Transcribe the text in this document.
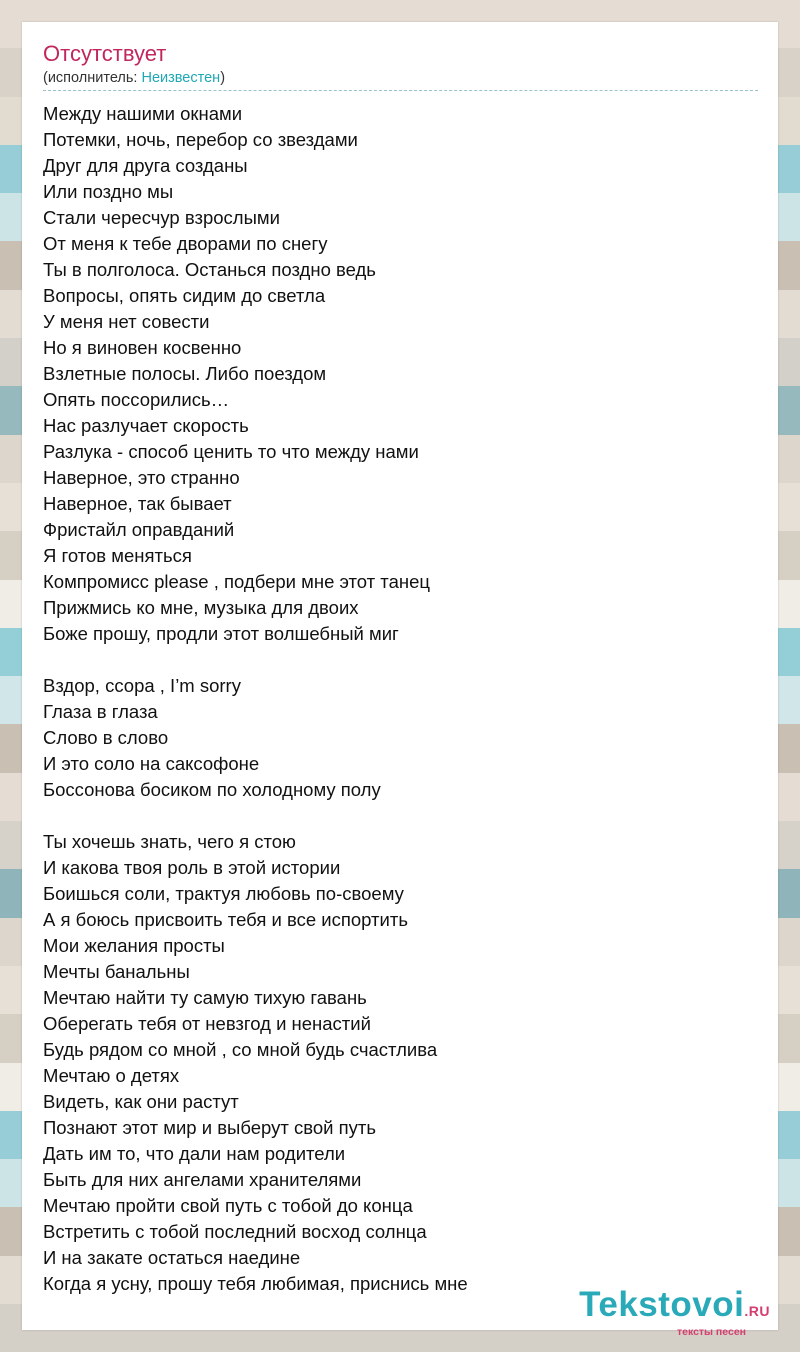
Отсутствует
(исполнитель: Неизвестен)
Между нашими окнами
Потемки, ночь, перебор со звездами
Друг для друга созданы
Или поздно мы
Стали чересчур взрослыми
От меня к тебе дворами по снегу
Ты в полголоса. Останься поздно ведь
Вопросы, опять сидим до светла
У меня нет совести
Но я виновен косвенно
Взлетные полосы. Либо поездом
Опять поссорились…
Нас разлучает скорость
Разлука - способ ценить то что между нами
Наверное, это странно
Наверное, так бывает
Фристайл оправданий
Я готов меняться
Компромисс please , подбери мне этот танец
Прижмись ко мне, музыка для двоих
Боже прошу, продли этот волшебный миг
Вздор, ссора , I’m sorry
Глаза в глаза
Слово в слово
И это соло на саксофоне
Боссонова босиком по холодному полу
Ты хочешь знать, чего я стою
И какова твоя роль в этой истории
Боишься соли, трактуя любовь по-своему
А я боюсь присвоить тебя и все испортить
Мои желания просты
Мечты банальны
Мечтаю найти ту самую тихую гавань
Оберегать тебя от невзгод и ненастий
Будь рядом со мной , со мной будь счастлива
Мечтаю о детях
Видеть, как они растут
Познают этот мир и выберут свой путь
Дать им то, что дали нам родители
Быть для них ангелами хранителями
Мечтаю пройти свой путь с тобой до конца
Встретить с тобой последний восход солнца
И на закате остаться наедине
Когда я усну, прошу тебя любимая, приснись мне
Tekstovoi.RU
тексты песен
